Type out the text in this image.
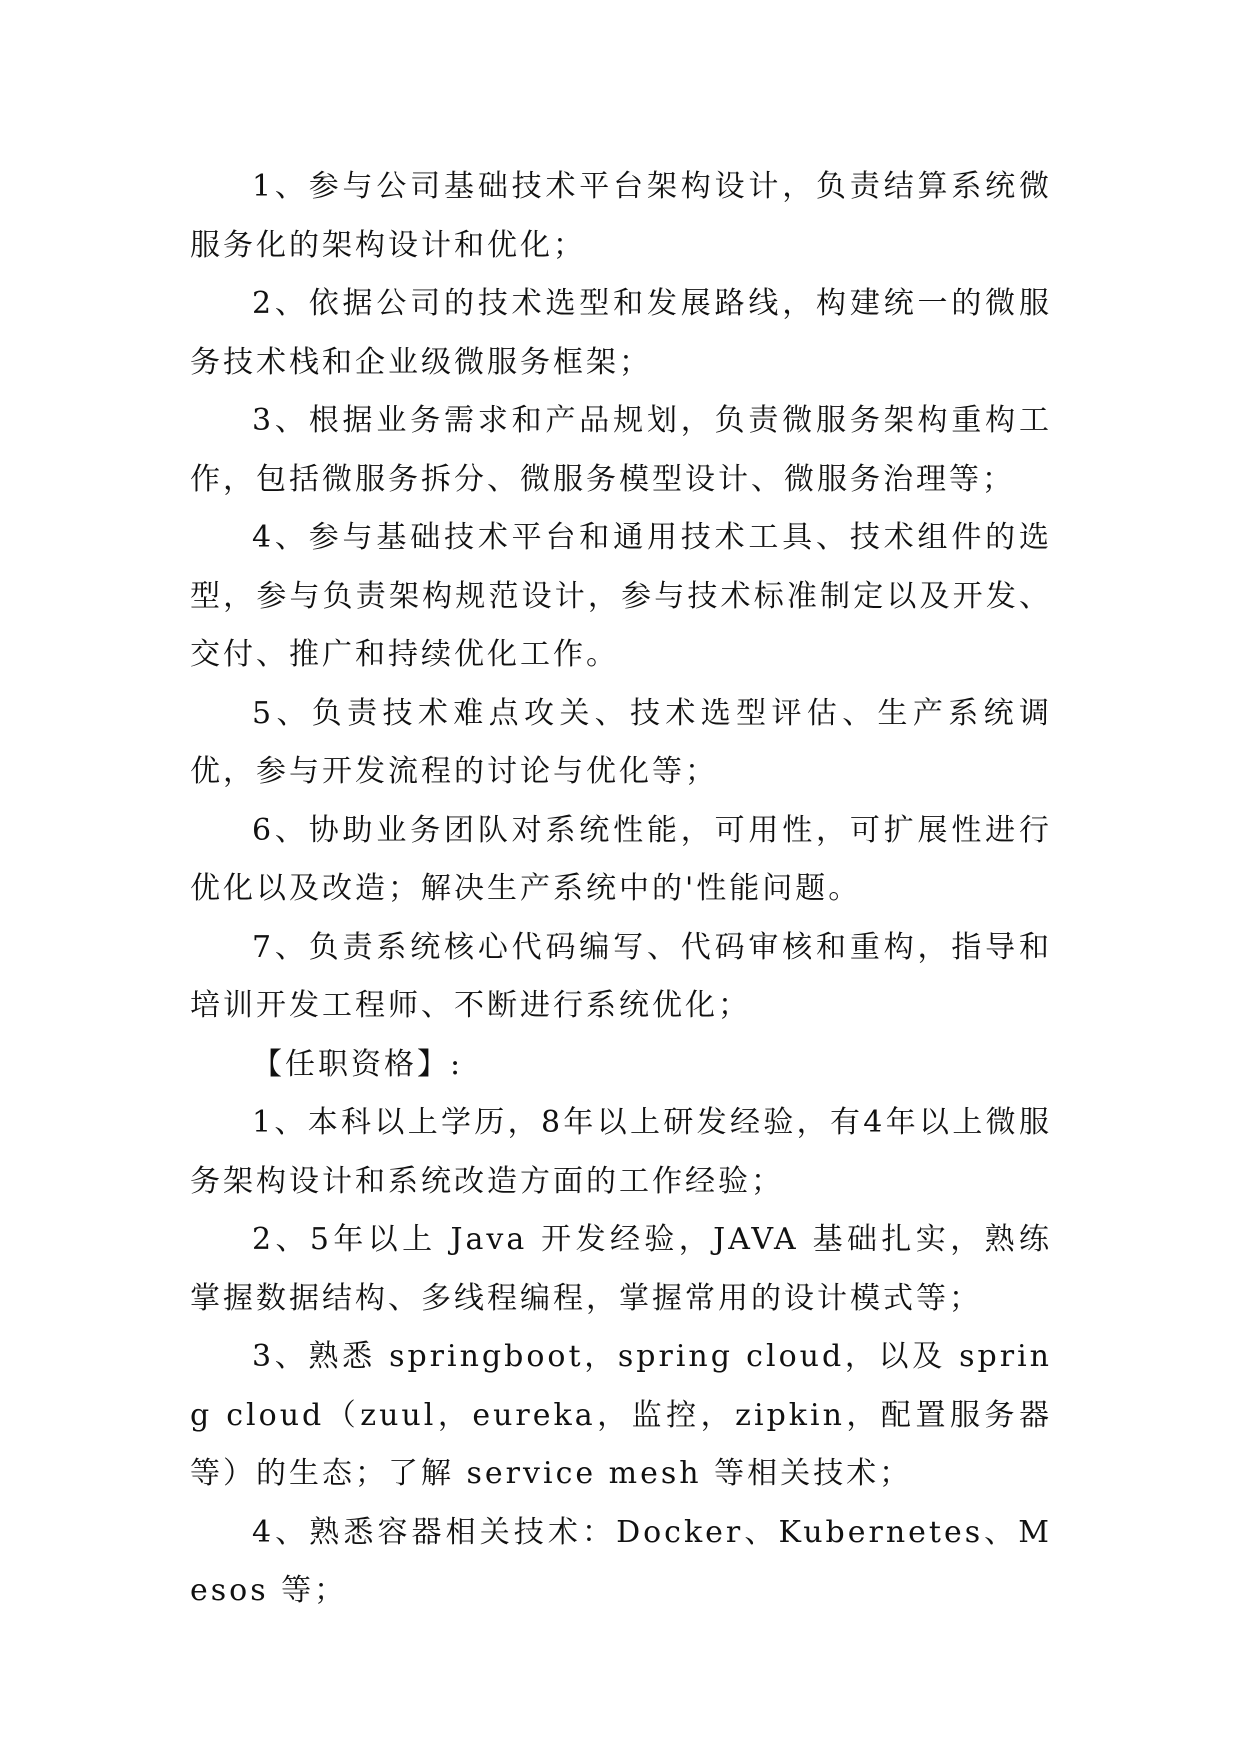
1、参与公司基础技术平台架构设计，负责结算系统微服务化的架构设计和优化；

2、依据公司的技术选型和发展路线，构建统一的微服务技术栈和企业级微服务框架；

3、根据业务需求和产品规划，负责微服务架构重构工作，包括微服务拆分、微服务模型设计、微服务治理等；

4、参与基础技术平台和通用技术工具、技术组件的选型，参与负责架构规范设计，参与技术标准制定以及开发、交付、推广和持续优化工作。

5、负责技术难点攻关、技术选型评估、生产系统调优，参与开发流程的讨论与优化等；

6、协助业务团队对系统性能，可用性，可扩展性进行优化以及改造；解决生产系统中的'性能问题。

7、负责系统核心代码编写、代码审核和重构，指导和培训开发工程师、不断进行系统优化；

【任职资格】:

1、本科以上学历，8年以上研发经验，有4年以上微服务架构设计和系统改造方面的工作经验；

2、5年以上 Java 开发经验，JAVA 基础扎实，熟练掌握数据结构、多线程编程，掌握常用的设计模式等；

3、熟悉 springboot，spring cloud，以及 spring cloud（zuul，eureka，监控，zipkin，配置服务器等）的生态；了解 service mesh 等相关技术；

4、熟悉容器相关技术：Docker、Kubernetes、Mesos 等；
